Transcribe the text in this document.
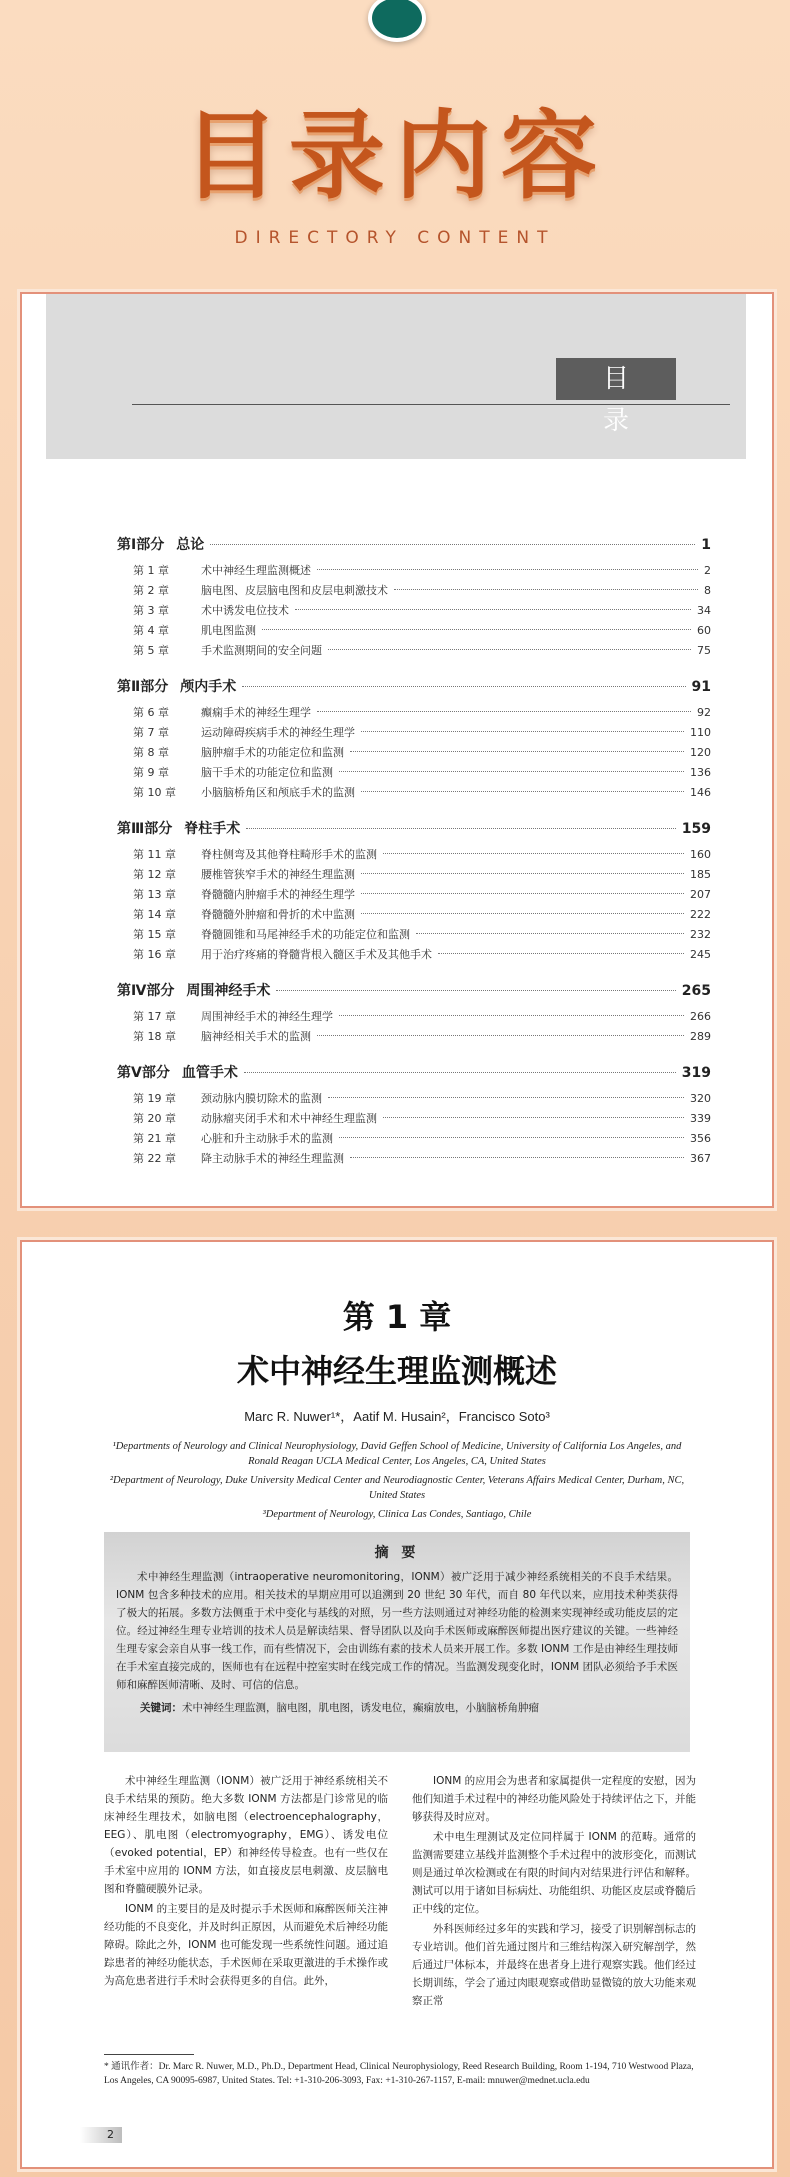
目录内容
DIRECTORY CONTENT
目 录
第Ⅰ部分 总论	1
第 1 章	术中神经生理监测概述	2
第 2 章	脑电图、皮层脑电图和皮层电刺激技术	8
第 3 章	术中诱发电位技术	34
第 4 章	肌电图监测	60
第 5 章	手术监测期间的安全问题	75
第Ⅱ部分 颅内手术	91
第 6 章	癫痫手术的神经生理学	92
第 7 章	运动障碍疾病手术的神经生理学	110
第 8 章	脑肿瘤手术的功能定位和监测	120
第 9 章	脑干手术的功能定位和监测	136
第 10 章	小脑脑桥角区和颅底手术的监测	146
第Ⅲ部分 脊柱手术	159
第 11 章	脊柱侧弯及其他脊柱畸形手术的监测	160
第 12 章	腰椎管狭窄手术的神经生理监测	185
第 13 章	脊髓髓内肿瘤手术的神经生理学	207
第 14 章	脊髓髓外肿瘤和骨折的术中监测	222
第 15 章	脊髓圆锥和马尾神经手术的功能定位和监测	232
第 16 章	用于治疗疼痛的脊髓背根入髓区手术及其他手术	245
第Ⅳ部分 周围神经手术	265
第 17 章	周围神经手术的神经生理学	266
第 18 章	脑神经相关手术的监测	289
第Ⅴ部分 血管手术	319
第 19 章	颈动脉内膜切除术的监测	320
第 20 章	动脉瘤夹闭手术和术中神经生理监测	339
第 21 章	心脏和升主动脉手术的监测	356
第 22 章	降主动脉手术的神经生理监测	367
第 1 章
术中神经生理监测概述
Marc R. Nuwer¹*，Aatif M. Husain²，Francisco Soto³

¹Departments of Neurology and Clinical Neurophysiology, David Geffen School of Medicine, University of California Los Angeles, and Ronald Reagan UCLA Medical Center, Los Angeles, CA, United States

²Department of Neurology, Duke University Medical Center and Neurodiagnostic Center, Veterans Affairs Medical Center, Durham, NC, United States

³Department of Neurology, Clinica Las Condes, Santiago, Chile

摘 要
术中神经生理监测（intraoperative neuromonitoring，IONM）被广泛用于减少神经系统相关的不良手术结果。IONM 包含多种技术的应用。相关技术的早期应用可以追溯到 20 世纪 30 年代，而自 80 年代以来，应用技术种类获得了极大的拓展。多数方法侧重于术中变化与基线的对照，另一些方法则通过对神经功能的检测来实现神经或功能皮层的定位。经过神经生理专业培训的技术人员是解读结果、督导团队以及向手术医师或麻醉医师提出医疗建议的关键。一些神经生理专家会亲自从事一线工作，而有些情况下，会由训练有素的技术人员来开展工作。多数 IONM 工作是由神经生理技师在手术室直接完成的，医师也有在远程中控室实时在线完成工作的情况。当监测发现变化时，IONM 团队必须给予手术医师和麻醉医师清晰、及时、可信的信息。
关键词：术中神经生理监测，脑电图，肌电图，诱发电位，癫痫放电，小脑脑桥角肿瘤

术中神经生理监测（IONM）被广泛用于神经系统相关不良手术结果的预防。绝大多数 IONM 方法都是门诊常见的临床神经生理技术，如脑电图（electroencephalography，EEG）、肌电图（electromyography，EMG）、诱发电位（evoked potential，EP）和神经传导检查。也有一些仅在手术室中应用的 IONM 方法，如直接皮层电刺激、皮层脑电图和脊髓硬膜外记录。

IONM 的主要目的是及时提示手术医师和麻醉医师关注神经功能的不良变化，并及时纠正原因，从而避免术后神经功能障碍。除此之外，IONM 也可能发现一些系统性问题。通过追踪患者的神经功能状态，手术医师在采取更激进的手术操作或为高危患者进行手术时会获得更多的自信。此外，

IONM 的应用会为患者和家属提供一定程度的安慰，因为他们知道手术过程中的神经功能风险处于持续评估之下，并能够获得及时应对。

术中电生理测试及定位同样属于 IONM 的范畴。通常的监测需要建立基线并监测整个手术过程中的波形变化，而测试则是通过单次检测或在有限的时间内对结果进行评估和解释。测试可以用于诸如目标病灶、功能组织、功能区皮层或脊髓后正中线的定位。

外科医师经过多年的实践和学习，接受了识别解剖标志的专业培训。他们首先通过图片和三维结构深入研究解剖学，然后通过尸体标本，并最终在患者身上进行观察实践。他们经过长期训练，学会了通过肉眼观察或借助显微镜的放大功能来观察正常

* 通讯作者：Dr. Marc R. Nuwer, M.D., Ph.D., Department Head, Clinical Neurophysiology, Reed Research Building, Room 1-194, 710 Westwood Plaza, Los Angeles, CA 90095-6987, United States. Tel: +1-310-206-3093, Fax: +1-310-267-1157, E-mail: mnuwer@mednet.ucla.edu
2
